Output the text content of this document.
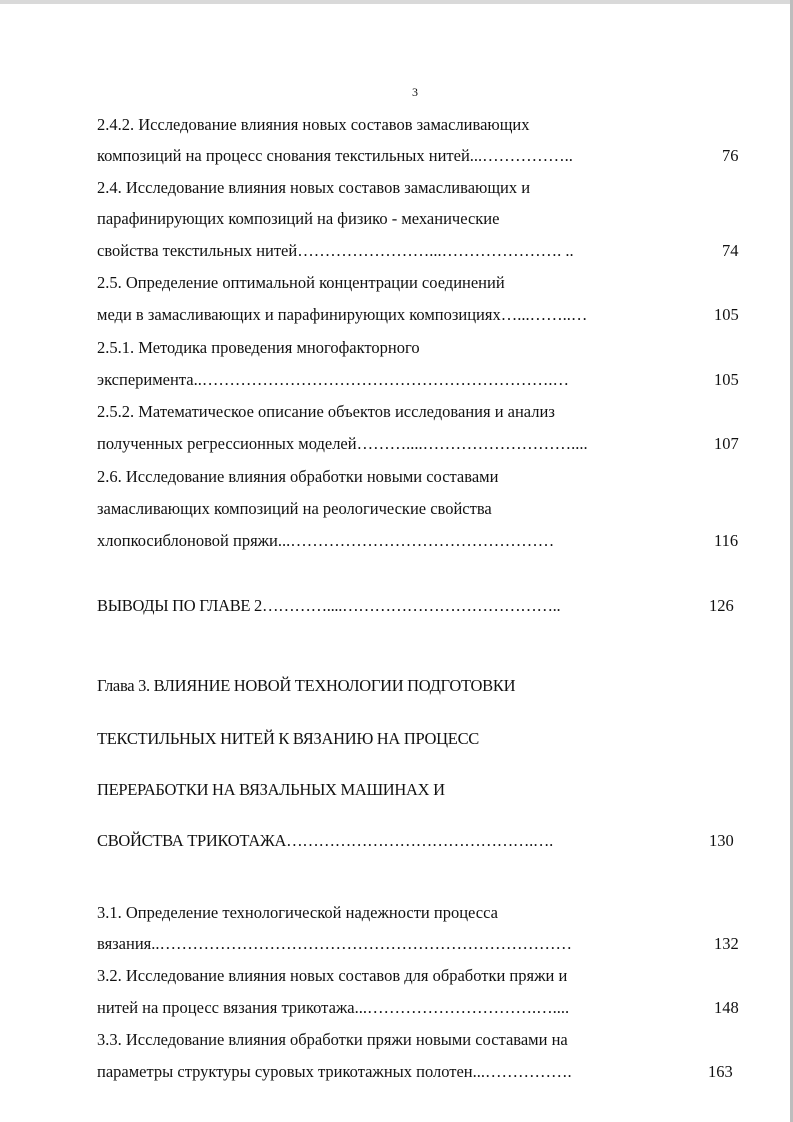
3
2.4.2. Исследование влияния новых составов замасливающих
композиций на процесс снования текстильных нитей...……………..	76
2.4. Исследование влияния новых составов замасливающих и
парафинирующих композиций на физико - механические
свойства текстильных нитей……………………...…………………. ..	74
2.5. Определение оптимальной концентрации соединений
меди в замасливающих и парафинирующих композициях…...……..…	105
2.5.1. Методика проведения многофакторного
эксперимента..……………………………………………………….…	105
2.5.2. Математическое описание объектов исследования и анализ
полученных регрессионных моделей………....………………………....	107
2.6. Исследование влияния обработки новыми составами
замасливающих композиций на реологические свойства
хлопкосиблоновой пряжи...…………………………………………	116
ВЫВОДЫ ПО ГЛАВЕ 2…………....…………………………………..	126
Глава 3. ВЛИЯНИЕ НОВОЙ ТЕХНОЛОГИИ ПОДГОТОВКИ
ТЕКСТИЛЬНЫХ НИТЕЙ К ВЯЗАНИЮ НА ПРОЦЕСС
ПЕРЕРАБОТКИ НА ВЯЗАЛЬНЫХ МАШИНАХ И
СВОЙСТВА ТРИКОТАЖА……………………………………….….	130
3.1. Определение технологической надежности процесса
вязания..…………………………………………………………………	132
3.2. Исследование влияния новых составов для обработки пряжи и
нитей на процесс вязания трикотажа...………………………….…....	148
3.3. Исследование влияния обработки пряжи новыми составами на
параметры структуры суровых трикотажных полотен...…………….	163
